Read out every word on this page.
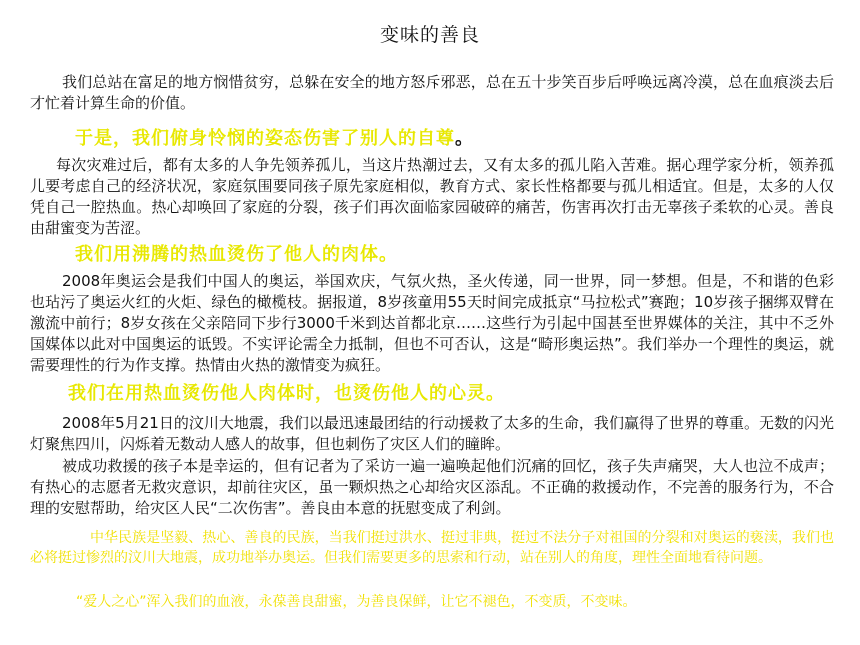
变味的善良
我们总站在富足的地方悯惜贫穷，总躲在安全的地方怒斥邪恶，总在五十步笑百步后呼唤远离冷漠，总在血痕淡去后才忙着计算生命的价值。
于是，我们俯身怜悯的姿态伤害了别人的自尊。
每次灾难过后，都有太多的人争先领养孤儿，当这片热潮过去，又有太多的孤儿陷入苦难。据心理学家分析，领养孤儿要考虑自己的经济状况，家庭氛围要同孩子原先家庭相似，教育方式、家长性格都要与孤儿相适宜。但是，太多的人仅凭自己一腔热血。热心却唤回了家庭的分裂，孩子们再次面临家园破碎的痛苦，伤害再次打击无辜孩子柔软的心灵。善良由甜蜜变为苦涩。
我们用沸腾的热血烫伤了他人的肉体。
2008年奥运会是我们中国人的奥运，举国欢庆，气氛火热，圣火传递，同一世界，同一梦想。但是，不和谐的色彩也玷污了奥运火红的火炬、绿色的橄榄枝。据报道，8岁孩童用55天时间完成抵京“马拉松式”赛跑；10岁孩子捆绑双臂在激流中前行；8岁女孩在父亲陪同下步行3000千米到达首都北京……这些行为引起中国甚至世界媒体的关注，其中不乏外国媒体以此对中国奥运的诋毁。不实评论需全力抵制，但也不可否认，这是“畸形奥运热”。我们举办一个理性的奥运，就需要理性的行为作支撑。热情由火热的激情变为疯狂。
我们在用热血烫伤他人肉体时，也烫伤他人的心灵。
2008年5月21日的汶川大地震，我们以最迅速最团结的行动援救了太多的生命，我们赢得了世界的尊重。无数的闪光灯聚焦四川，闪烁着无数动人感人的故事，但也刺伤了灾区人们的瞳眸。
被成功救援的孩子本是幸运的，但有记者为了采访一遍一遍唤起他们沉痛的回忆，孩子失声痛哭，大人也泣不成声；有热心的志愿者无救灾意识，却前往灾区，虽一颗炽热之心却给灾区添乱。不正确的救援动作，不完善的服务行为，不合理的安慰帮助，给灾区人民“二次伤害”。善良由本意的抚慰变成了利剑。
中华民族是坚毅、热心、善良的民族，当我们挺过洪水、挺过非典，挺过不法分子对祖国的分裂和对奥运的亵渎，我们也必将挺过惨烈的汶川大地震，成功地举办奥运。但我们需要更多的思索和行动，站在别人的角度，理性全面地看待问题。
“爱人之心”浑入我们的血液，永葆善良甜蜜，为善良保鲜，让它不褪色，不变质，不变味。
